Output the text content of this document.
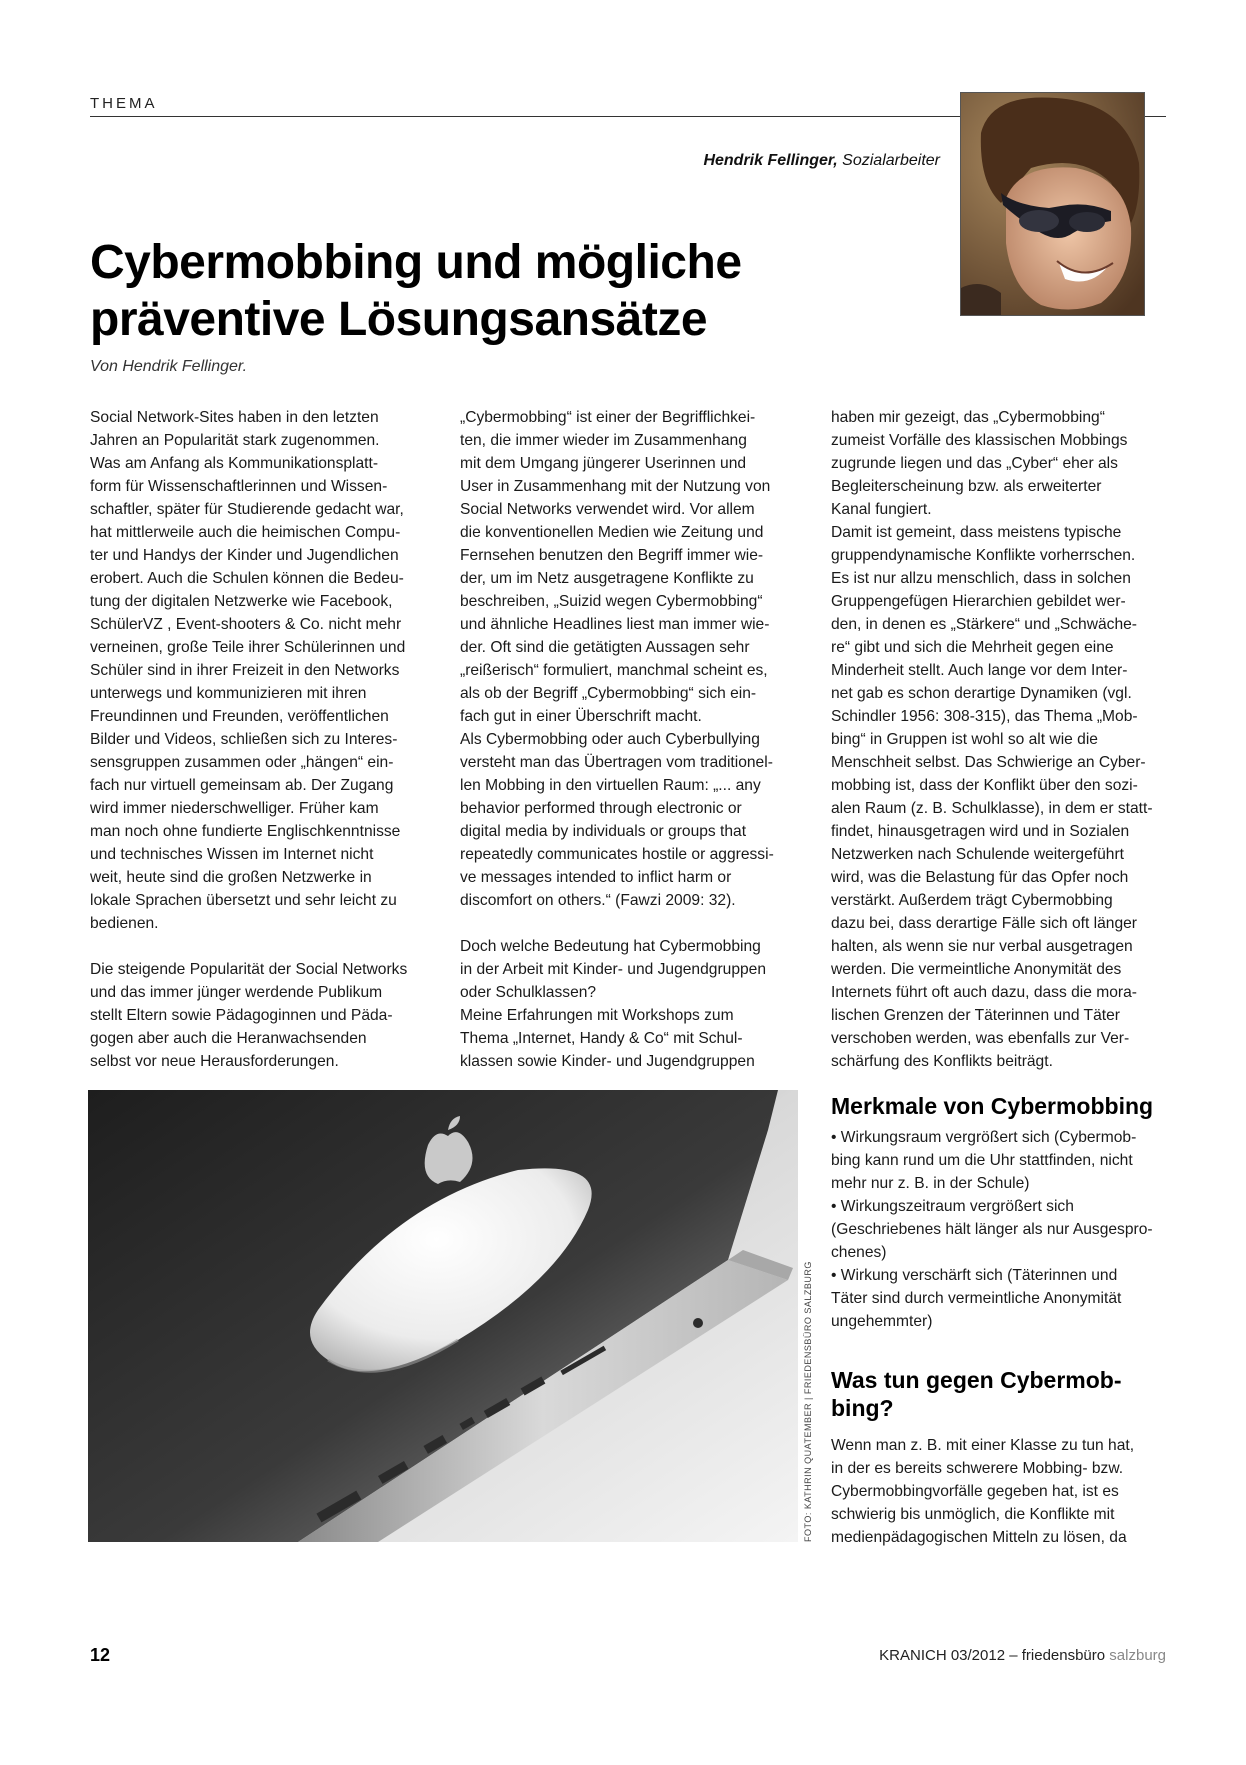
THEMA
Hendrik Fellinger, Sozialarbeiter
Cybermobbing und mögliche präventive Lösungsansätze
Von Hendrik Fellinger.

Social Network-Sites haben in den letzten
Jahren an Popularität stark zugenommen.
Was am Anfang als Kommunikationsplatt-
form für Wissenschaftlerinnen und Wissen-
schaftler, später für Studierende gedacht war,
hat mittlerweile auch die heimischen Compu-
ter und Handys der Kinder und Jugendlichen
erobert. Auch die Schulen können die Bedeu-
tung der digitalen Netzwerke wie Facebook,
SchülerVZ , Event-shooters & Co. nicht mehr
verneinen, große Teile ihrer Schülerinnen und
Schüler sind in ihrer Freizeit in den Networks
unterwegs und kommunizieren mit ihren
Freundinnen und Freunden, veröffentlichen
Bilder und Videos, schließen sich zu Interes-
sensgruppen zusammen oder „hängen“ ein-
fach nur virtuell gemeinsam ab. Der Zugang
wird immer niederschwelliger. Früher kam
man noch ohne fundierte Englischkenntnisse
und technisches Wissen im Internet nicht
weit, heute sind die großen Netzwerke in
lokale Sprachen übersetzt und sehr leicht zu
bedienen.

Die steigende Popularität der Social Networks
und das immer jünger werdende Publikum
stellt Eltern sowie Pädagoginnen und Päda-
gogen aber auch die Heranwachsenden
selbst vor neue Herausforderungen.

„Cybermobbing“ ist einer der Begrifflichkei-
ten, die immer wieder im Zusammenhang
mit dem Umgang jüngerer Userinnen und
User in Zusammenhang mit der Nutzung von
Social Networks verwendet wird. Vor allem
die konventionellen Medien wie Zeitung und
Fernsehen benutzen den Begriff immer wie-
der, um im Netz ausgetragene Konflikte zu
beschreiben, „Suizid wegen Cybermobbing“
und ähnliche Headlines liest man immer wie-
der. Oft sind die getätigten Aussagen sehr
„reißerisch“ formuliert, manchmal scheint es,
als ob der Begriff „Cybermobbing“ sich ein-
fach gut in einer Überschrift macht.
Als Cybermobbing oder auch Cyberbullying
versteht man das Übertragen vom traditionel-
len Mobbing in den virtuellen Raum: „... any
behavior performed through electronic or
digital media by individuals or groups that
repeatedly communicates hostile or aggressi-
ve messages intended to inflict harm or
discomfort on others.“ (Fawzi 2009: 32).

Doch welche Bedeutung hat Cybermobbing
in der Arbeit mit Kinder- und Jugendgruppen
oder Schulklassen?
Meine Erfahrungen mit Workshops zum
Thema „Internet, Handy & Co“ mit Schul-
klassen sowie Kinder- und Jugendgruppen

haben mir gezeigt, das „Cybermobbing“
zumeist Vorfälle des klassischen Mobbings
zugrunde liegen und das „Cyber“ eher als
Begleiterscheinung bzw. als erweiterter
Kanal fungiert.
Damit ist gemeint, dass meistens typische
gruppendynamische Konflikte vorherrschen.
Es ist nur allzu menschlich, dass in solchen
Gruppengefügen Hierarchien gebildet wer-
den, in denen es „Stärkere“ und „Schwäche-
re“ gibt und sich die Mehrheit gegen eine
Minderheit stellt. Auch lange vor dem Inter-
net gab es schon derartige Dynamiken (vgl.
Schindler 1956: 308-315), das Thema „Mob-
bing“ in Gruppen ist wohl so alt wie die
Menschheit selbst. Das Schwierige an Cyber-
mobbing ist, dass der Konflikt über den sozi-
alen Raum (z. B. Schulklasse), in dem er statt-
findet, hinausgetragen wird und in Sozialen
Netzwerken nach Schulende weitergeführt
wird, was die Belastung für das Opfer noch
verstärkt. Außerdem trägt Cybermobbing
dazu bei, dass derartige Fälle sich oft länger
halten, als wenn sie nur verbal ausgetragen
werden. Die vermeintliche Anonymität des
Internets führt oft auch dazu, dass die mora-
lischen Grenzen der Täterinnen und Täter
verschoben werden, was ebenfalls zur Ver-
schärfung des Konflikts beiträgt.

Merkmale von Cybermobbing

• Wirkungsraum vergrößert sich (Cybermob-
bing kann rund um die Uhr stattfinden, nicht
mehr nur z. B. in der Schule)
• Wirkungszeitraum vergrößert sich
(Geschriebenes hält länger als nur Ausgespro-
chenes)
• Wirkung verschärft sich (Täterinnen und
Täter sind durch vermeintliche Anonymität
ungehemmter)

Was tun gegen Cybermob-
bing?

Wenn man z. B. mit einer Klasse zu tun hat,
in der es bereits schwerere Mobbing- bzw.
Cybermobbingvorfälle gegeben hat, ist es
schwierig bis unmöglich, die Konflikte mit
medienpädagogischen Mitteln zu lösen, da

FOTO: KATHRIN QUATEMBER | FRIEDENSBÜRO SALZBURG
12	KRANICH 03/2012 – friedensbüro salzburg
